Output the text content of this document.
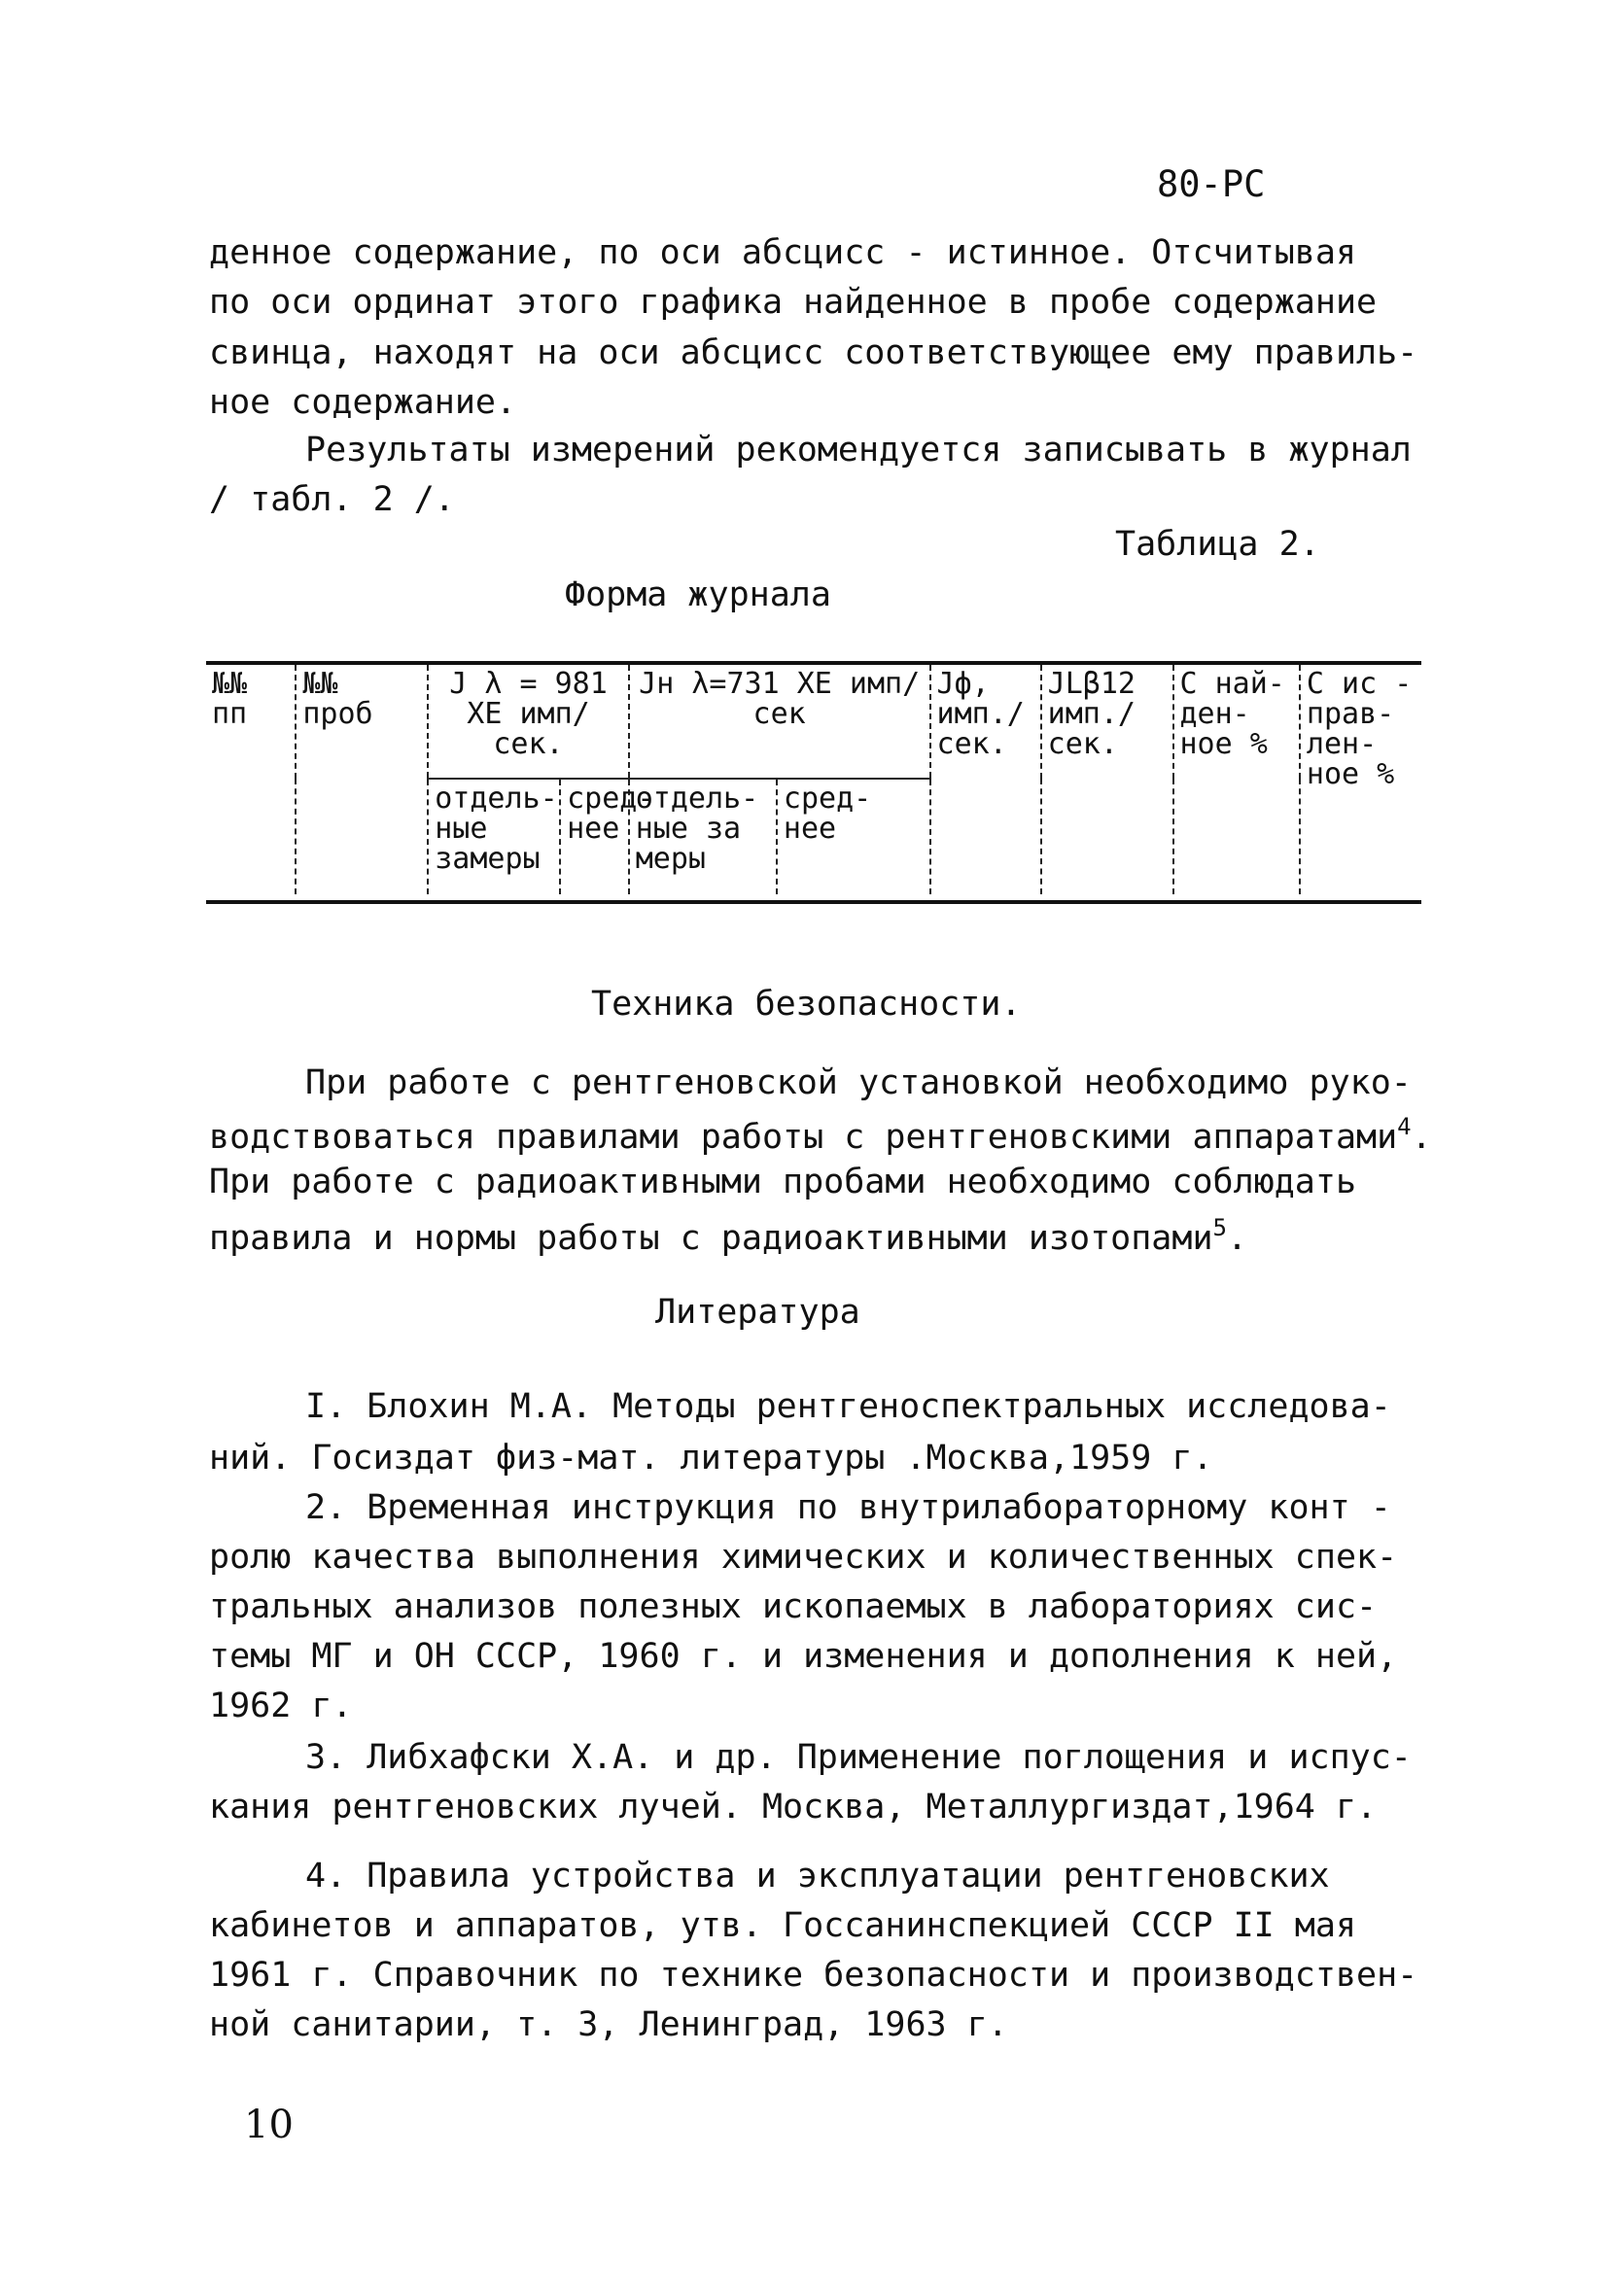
80-РС
денное содержание, по оси абсцисс - истинное. Отсчитывая
по оси ординат этого графика найденное в пробе содержание
свинца, находят на оси абсцисс соответствующее ему правиль-
ное содержание.
Результаты измерений рекомендуется записывать в журнал
/ табл. 2 /.
Таблица 2.
Форма журнала
№№ пп	№№ проб	J λ = 981 ХЕ имп/сек.		Jн λ=731 ХЕ имп/сек		Jф, имп./ сек.	JLβ12 имп./ сек.	С най- ден- ное %	С ис - прав- лен- ное %
		отдель- ные замеры	сред- нее	отдель- ные за меры	сред- нее				

Техника безопасности.
При работе с рентгеновской установкой необходимо руко-
водствоваться правилами работы с рентгеновскими аппаратами$^4$.
При работе с радиоактивными пробами необходимо соблюдать
правила и нормы работы с радиоактивными изотопами$^5$.
Литература
I. Блохин М.А. Методы рентгеноспектральных исследова-
ний. Госиздат физ-мат. литературы .Москва,1959 г.
2. Временная инструкция по внутрилабораторному конт -
ролю качества выполнения химических и количественных спек-
тральных анализов полезных ископаемых в лабораториях сис-
темы МГ и ОН СССР, 1960 г. и изменения и дополнения к ней,
1962 г.
3. Либхафски Х.А. и др. Применение поглощения и испус-
кания рентгеновских лучей. Москва, Металлургиздат,1964 г.
4. Правила устройства и эксплуатации рентгеновских
кабинетов и аппаратов, утв. Госсанинспекцией СССР II мая
1961 г. Справочник по технике безопасности и производствен-
ной санитарии, т. 3, Ленинград, 1963 г.
10
